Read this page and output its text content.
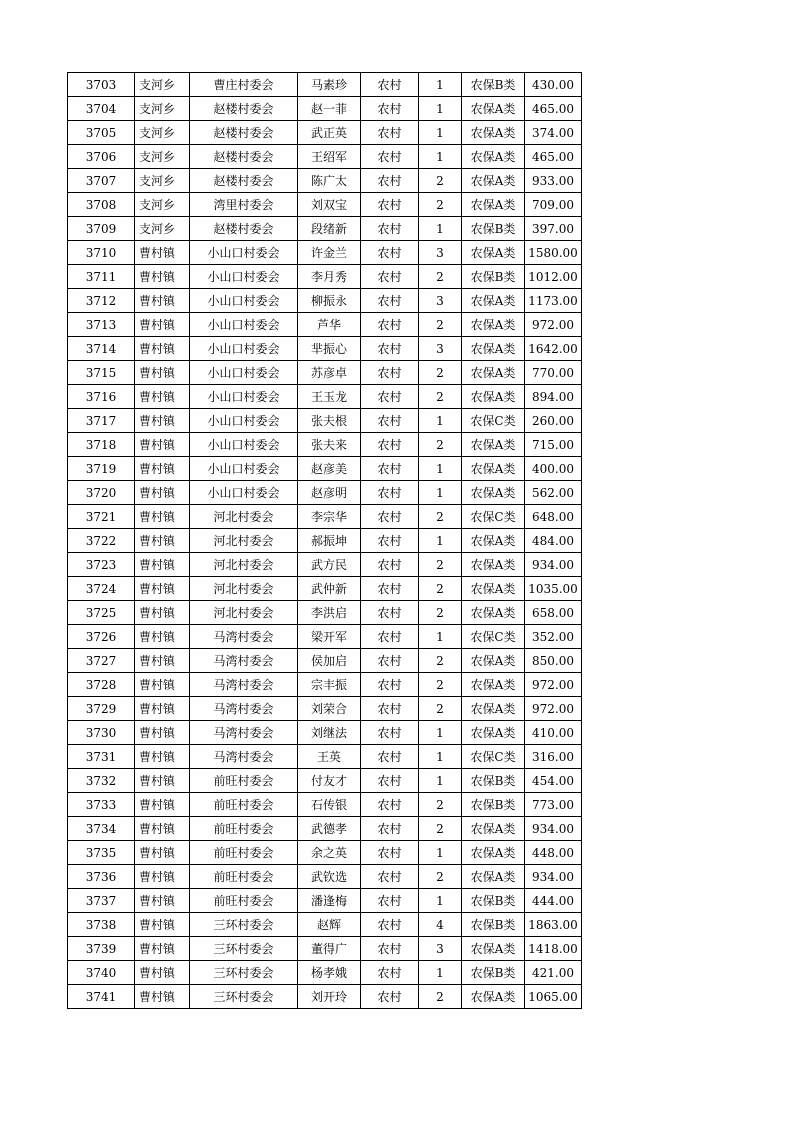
3703	支河乡	曹庄村委会	马素珍	农村	1	农保B类	430.00
3704	支河乡	赵楼村委会	赵一菲	农村	1	农保A类	465.00
3705	支河乡	赵楼村委会	武正英	农村	1	农保A类	374.00
3706	支河乡	赵楼村委会	王绍军	农村	1	农保A类	465.00
3707	支河乡	赵楼村委会	陈广太	农村	2	农保A类	933.00
3708	支河乡	湾里村委会	刘双宝	农村	2	农保A类	709.00
3709	支河乡	赵楼村委会	段绪新	农村	1	农保B类	397.00
3710	曹村镇	小山口村委会	许金兰	农村	3	农保A类	1580.00
3711	曹村镇	小山口村委会	李月秀	农村	2	农保B类	1012.00
3712	曹村镇	小山口村委会	柳振永	农村	3	农保A类	1173.00
3713	曹村镇	小山口村委会	芦华	农村	2	农保A类	972.00
3714	曹村镇	小山口村委会	芈振心	农村	3	农保A类	1642.00
3715	曹村镇	小山口村委会	苏彦卓	农村	2	农保A类	770.00
3716	曹村镇	小山口村委会	王玉龙	农村	2	农保A类	894.00
3717	曹村镇	小山口村委会	张夫根	农村	1	农保C类	260.00
3718	曹村镇	小山口村委会	张夫来	农村	2	农保A类	715.00
3719	曹村镇	小山口村委会	赵彦美	农村	1	农保A类	400.00
3720	曹村镇	小山口村委会	赵彦明	农村	1	农保A类	562.00
3721	曹村镇	河北村委会	李宗华	农村	2	农保C类	648.00
3722	曹村镇	河北村委会	郝振坤	农村	1	农保A类	484.00
3723	曹村镇	河北村委会	武方民	农村	2	农保A类	934.00
3724	曹村镇	河北村委会	武仲新	农村	2	农保A类	1035.00
3725	曹村镇	河北村委会	李洪启	农村	2	农保A类	658.00
3726	曹村镇	马湾村委会	梁开军	农村	1	农保C类	352.00
3727	曹村镇	马湾村委会	侯加启	农村	2	农保A类	850.00
3728	曹村镇	马湾村委会	宗丰振	农村	2	农保A类	972.00
3729	曹村镇	马湾村委会	刘荣合	农村	2	农保A类	972.00
3730	曹村镇	马湾村委会	刘继法	农村	1	农保A类	410.00
3731	曹村镇	马湾村委会	王英	农村	1	农保C类	316.00
3732	曹村镇	前旺村委会	付友才	农村	1	农保B类	454.00
3733	曹村镇	前旺村委会	石传银	农村	2	农保B类	773.00
3734	曹村镇	前旺村委会	武德孝	农村	2	农保A类	934.00
3735	曹村镇	前旺村委会	余之英	农村	1	农保A类	448.00
3736	曹村镇	前旺村委会	武钦选	农村	2	农保A类	934.00
3737	曹村镇	前旺村委会	潘逢梅	农村	1	农保B类	444.00
3738	曹村镇	三环村委会	赵辉	农村	4	农保B类	1863.00
3739	曹村镇	三环村委会	董得广	农村	3	农保A类	1418.00
3740	曹村镇	三环村委会	杨孝娥	农村	1	农保B类	421.00
3741	曹村镇	三环村委会	刘开玲	农村	2	农保A类	1065.00
